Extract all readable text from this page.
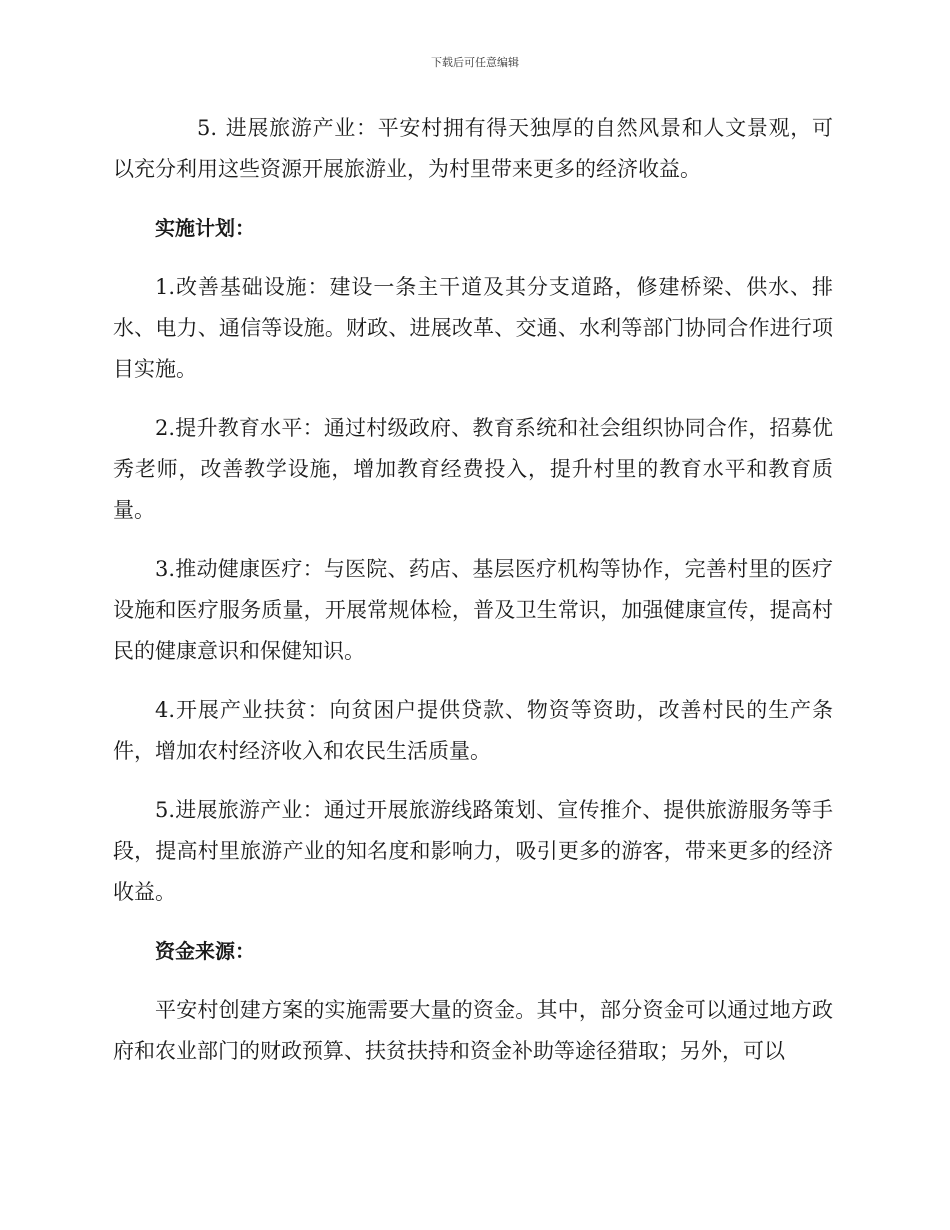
下载后可任意编辑

5. 进展旅游产业：平安村拥有得天独厚的自然风景和人文景观，可以充分利用这些资源开展旅游业，为村里带来更多的经济收益。

实施计划：

1.改善基础设施：建设一条主干道及其分支道路，修建桥梁、供水、排水、电力、通信等设施。财政、进展改革、交通、水利等部门协同合作进行项目实施。

2.提升教育水平：通过村级政府、教育系统和社会组织协同合作，招募优秀老师，改善教学设施，增加教育经费投入，提升村里的教育水平和教育质量。

3.推动健康医疗：与医院、药店、基层医疗机构等协作，完善村里的医疗设施和医疗服务质量，开展常规体检，普及卫生常识，加强健康宣传，提高村民的健康意识和保健知识。

4.开展产业扶贫：向贫困户提供贷款、物资等资助，改善村民的生产条件，增加农村经济收入和农民生活质量。

5.进展旅游产业：通过开展旅游线路策划、宣传推介、提供旅游服务等手段，提高村里旅游产业的知名度和影响力，吸引更多的游客，带来更多的经济收益。

资金来源：

平安村创建方案的实施需要大量的资金。其中，部分资金可以通过地方政府和农业部门的财政预算、扶贫扶持和资金补助等途径猎取；另外，可以
